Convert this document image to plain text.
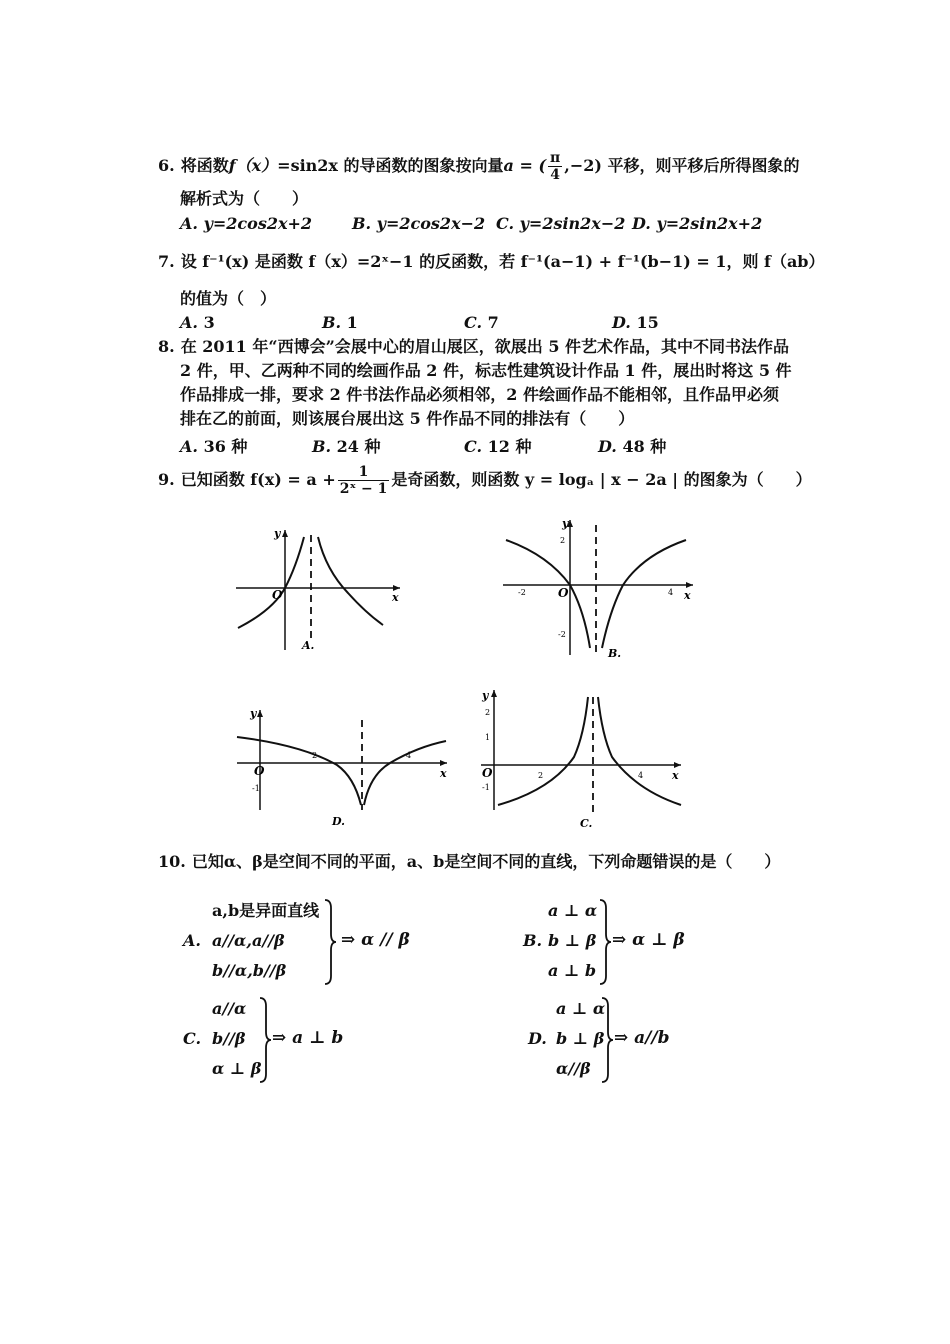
6. 将函数f（x）=sin2x 的导函数的图象按向量a = ( $\frac{\pi}{4} ,-2$) 平移，则平移后所得图象的
解析式为（　　）
A. y=2cos2x+2 B. y=2cos2x−2 C. y=2sin2x−2 D. y=2sin2x+2
7. 设 f⁻¹(x) 是函数 f（x）=2ˣ−1 的反函数，若 f⁻¹(a−1) + f⁻¹(b−1) = 1，则 f（ab）
的值为（　）
A. 3	B. 1	C. 7	D. 15
8. 在 2011 年“西博会”会展中心的眉山展区，欲展出 5 件艺术作品，其中不同书法作品
2 件，甲、乙两种不同的绘画作品 2 件，标志性建筑设计作品 1 件，展出时将这 5 件
作品排成一排，要求 2 件书法作品必须相邻，2 件绘画作品不能相邻，且作品甲必须
排在乙的前面，则该展台展出这 5 件作品不同的排法有（　　）
A. 36 种	B. 24 种	C. 12 种	D. 48 种
9. 已知函数 $f(x) = a + \frac{1}{\text{2ˣ − 1}}$ 是奇函数，则函数 y = logₐ | x − 2a | 的图象为（　　）
O
y
x
A.
O
y
x
2
-2
-2	4
B.
O
y
x
2	4
-1
D.
O
y
x
2
1
-1
2	4
C.
10. 已知α、β是空间不同的平面，a、b是空间不同的直线，下列命题错误的是（　　）
A.
a,b是异面直线
a//α,a//β
b//α,b//β
⇒ α // β	B.
a ⊥ α
b ⊥ β
a ⊥ b
⇒ α ⊥ β
C.
a//α
b//β
α ⊥ β
⇒ a ⊥ b	D.
a ⊥ α
b ⊥ β
α//β
⇒ a//b
